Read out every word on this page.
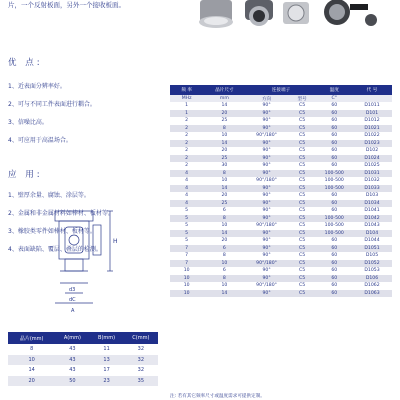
片，一个反射板面，另外一个接收板面。
优 点:
1、近表面分辨率好。
2、可与不同工件表面进行耦合。
3、信噪比高。
4、可应用于高温场合。
应 用:
1、壁厚余量、腐蚀、涂层等。
2、金属和非金属材料如棒材、板材等。
3、橡胶类零件如棒材、板材等。
4、表面缺陷、覆层、叠层的检测。
H
d3
dC
A
晶片(mm)	A(mm)	B(mm)	C(mm)
8	43	11	32
10	43	13	32
14	43	17	32
20	50	23	35
频 率	晶片尺寸	连接端子		温度	代 号
MHz	mm	方向	型号	C°	
1	14	90°	C5	60	D1011
1	20	90°	C5	60	D101
2	25	90°	C5	60	D1012
2	8	90°	C5	60	D1021
2	10	90°/180°	C5	60	D1022
2	14	90°	C5	60	D1023
2	20	90°	C5	60	D102
2	25	90°	C5	60	D1024
2	30	90°	C5	60	D1025
4	8	90°	C5	100-500	D1031
4	10	90°/180°	C5	100-500	D1032
4	14	90°	C5	100-500	D1033
4	20	90°	C5	60	D103
4	25	90°	C5	60	D1034
5	6	90°	C5	60	D1041
5	8	90°	C5	100-500	D1042
5	10	90°/180°	C5	100-500	D1043
5	14	90°	C5	100-500	D104
5	20	90°	C5	60	D1044
7	6	90°	C5	60	D1051
7	8	90°	C5	60	D105
7	10	90°/180°	C5	60	D1052
10	6	90°	C5	60	D1053
10	8	90°	C5	60	D106
10	10	90°/180°	C5	60	D1062
10	14	90°	C5	60	D1063
注: 若有其它频率尺寸或温度需求可提供定制。
